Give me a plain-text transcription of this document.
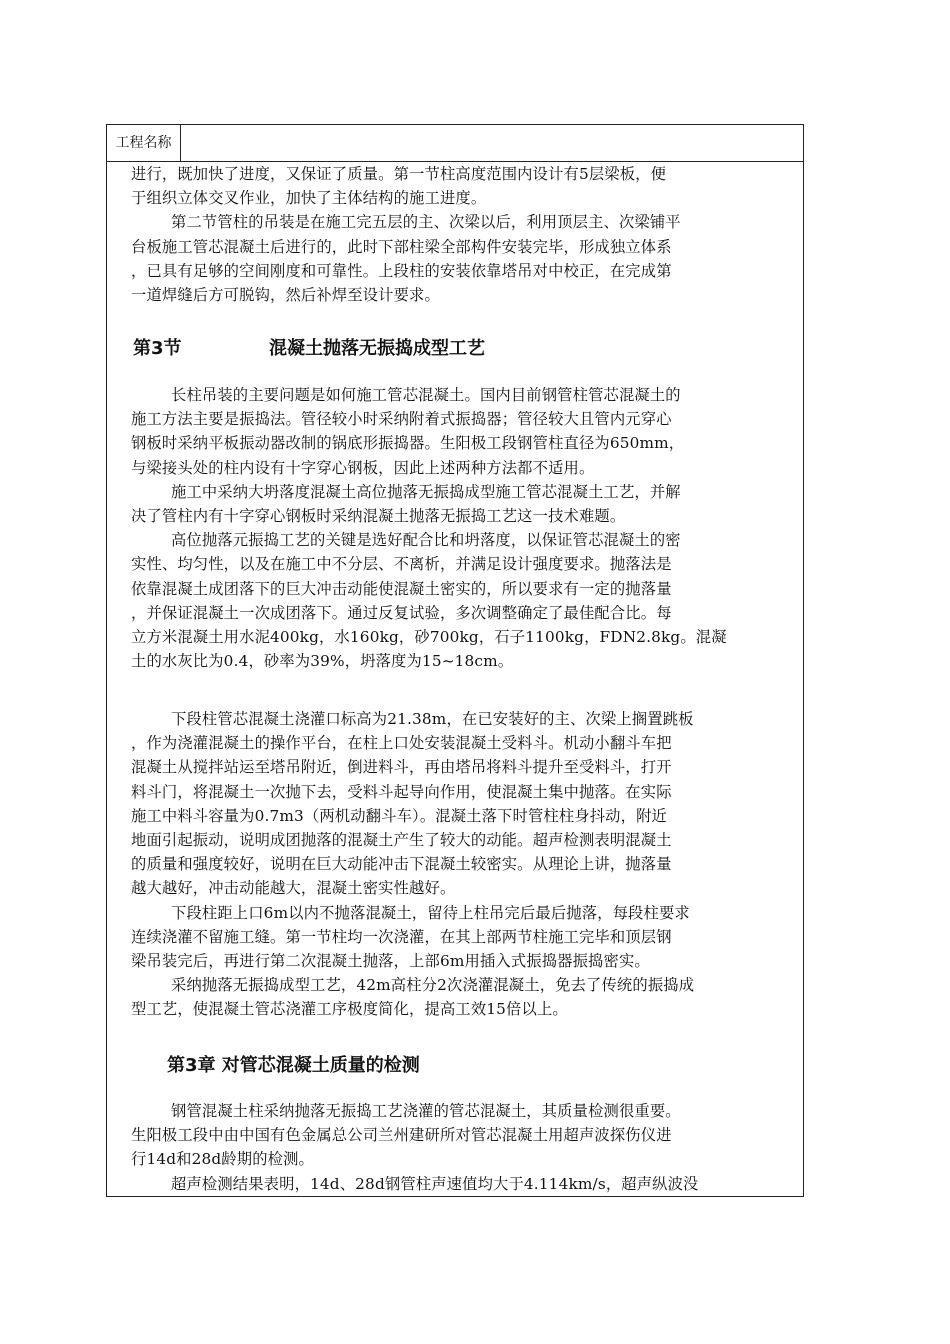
工程名称

进行，既加快了进度，又保证了质量。第一节柱高度范围内设计有5层梁板，便

于组织立体交叉作业，加快了主体结构的施工进度。

第二节管柱的吊装是在施工完五层的主、次梁以后，利用顶层主、次梁铺平

台板施工管芯混凝土后进行的，此时下部柱梁全部构件安装完毕，形成独立体系

，已具有足够的空间刚度和可靠性。上段柱的安装依靠塔吊对中校正，在完成第

一道焊缝后方可脱钩，然后补焊至设计要求。

第3节	混凝土抛落无振捣成型工艺

长柱吊装的主要问题是如何施工管芯混凝土。国内目前钢管柱管芯混凝土的

施工方法主要是振捣法。管径较小时采纳附着式振捣器；管径较大且管内元穿心

钢板时采纳平板振动器改制的锅底形振捣器。生阳极工段钢管柱直径为650mm，

与梁接头处的柱内设有十字穿心钢板，因此上述两种方法都不适用。

施工中采纳大坍落度混凝土高位抛落无振捣成型施工管芯混凝土工艺，并解

决了管柱内有十字穿心钢板时采纳混凝土抛落无振捣工艺这一技术难题。

高位抛落元振捣工艺的关键是选好配合比和坍落度，以保证管芯混凝土的密

实性、均匀性，以及在施工中不分层、不离析，并满足设计强度要求。抛落法是

依靠混凝土成团落下的巨大冲击动能使混凝土密实的，所以要求有一定的抛落量

，并保证混凝土一次成团落下。通过反复试验，多次调整确定了最佳配合比。每

立方米混凝土用水泥400kg，水160kg，砂700kg，石子1100kg，FDN2.8kg。混凝

土的水灰比为0.4，砂率为39%，坍落度为15~18cm。

下段柱管芯混凝土浇灌口标高为21.38m，在已安装好的主、次梁上搁置跳板

，作为浇灌混凝土的操作平台，在柱上口处安装混凝土受料斗。机动小翻斗车把

混凝土从搅拌站运至塔吊附近，倒进料斗，再由塔吊将料斗提升至受料斗，打开

料斗门，将混凝土一次抛下去，受料斗起导向作用，使混凝土集中抛落。在实际

施工中料斗容量为0.7m3（两机动翻斗车）。混凝土落下时管柱柱身抖动，附近

地面引起振动，说明成团抛落的混凝土产生了较大的动能。超声检测表明混凝土

的质量和强度较好，说明在巨大动能冲击下混凝土较密实。从理论上讲，抛落量

越大越好，冲击动能越大，混凝土密实性越好。

下段柱距上口6m以内不抛落混凝土，留待上柱吊完后最后抛落，每段柱要求

连续浇灌不留施工缝。第一节柱均一次浇灌，在其上部两节柱施工完毕和顶层钢

梁吊装完后，再进行第二次混凝土抛落，上部6m用插入式振捣器振捣密实。

采纳抛落无振捣成型工艺，42m高柱分2次浇灌混凝土，免去了传统的振捣成

型工艺，使混凝土管芯浇灌工序极度简化，提高工效15倍以上。

第3章 对管芯混凝土质量的检测

钢管混凝土柱采纳抛落无振捣工艺浇灌的管芯混凝土，其质量检测很重要。

生阳极工段中由中国有色金属总公司兰州建研所对管芯混凝土用超声波探伤仪进

行14d和28d龄期的检测。

超声检测结果表明，14d、28d钢管柱声速值均大于4.114km/s，超声纵波没
